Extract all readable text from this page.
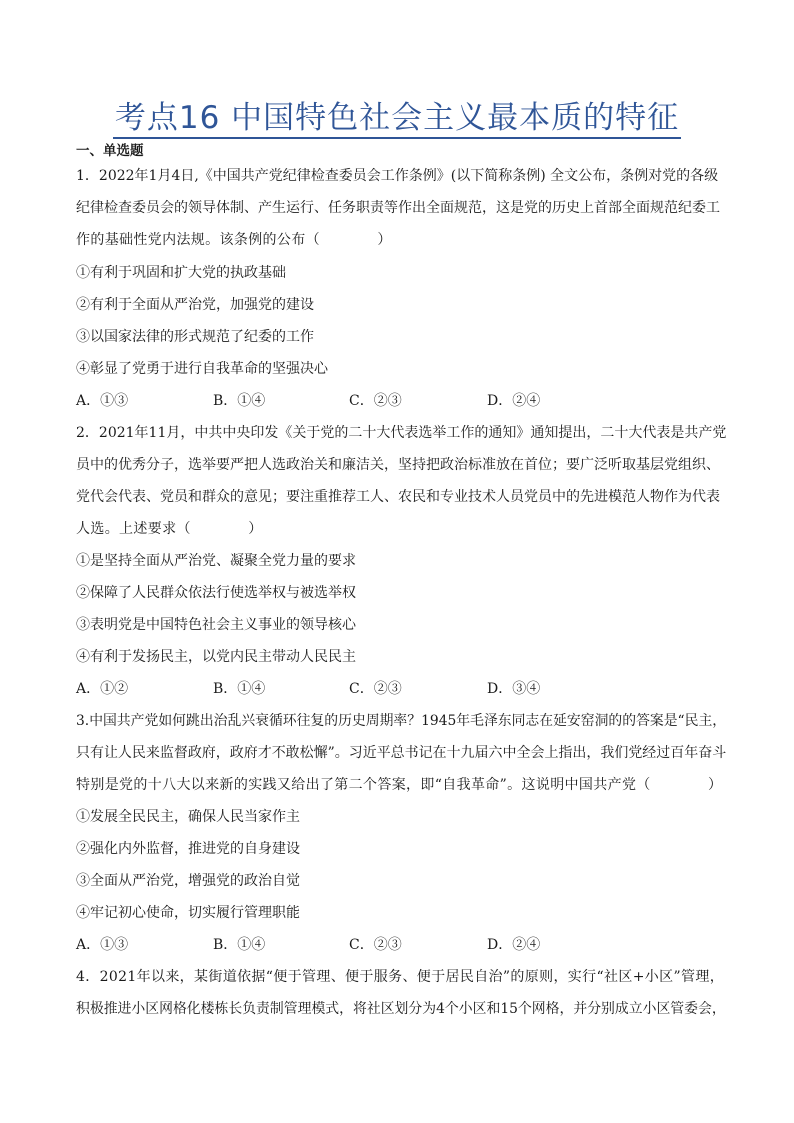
考点16 中国特色社会主义最本质的特征
一、单选题
1．2022年1月4日,《中国共产党纪律检查委员会工作条例》(以下简称条例) 全文公布，条例对党的各级
纪律检查委员会的领导体制、产生运行、任务职责等作出全面规范，这是党的历史上首部全面规范纪委工
作的基础性党内法规。该条例的公布（　　　　）
①有利于巩固和扩大党的执政基础
②有利于全面从严治党，加强党的建设
③以国家法律的形式规范了纪委的工作
④彰显了党勇于进行自我革命的坚强决心
A．①③	B．①④	C．②③	D．②④
2．2021年11月，中共中央印发《关于党的二十大代表选举工作的通知》通知提出，二十大代表是共产党
员中的优秀分子，选举要严把人选政治关和廉洁关，坚持把政治标准放在首位；要广泛听取基层党组织、
党代会代表、党员和群众的意见；要注重推荐工人、农民和专业技术人员党员中的先进模范人物作为代表
人选。上述要求（　　　　）
①是坚持全面从严治党、凝聚全党力量的要求
②保障了人民群众依法行使选举权与被选举权
③表明党是中国特色社会主义事业的领导核心
④有利于发扬民主，以党内民主带动人民民主
A．①②	B．①④	C．②③	D．③④
3.中国共产党如何跳出治乱兴衰循环往复的历史周期率？1945年毛泽东同志在延安窑洞的的答案是“民主，
只有让人民来监督政府，政府才不敢松懈”。习近平总书记在十九届六中全会上指出，我们党经过百年奋斗
特别是党的十八大以来新的实践又给出了第二个答案，即“自我革命”。这说明中国共产党（　　　　）
①发展全民民主，确保人民当家作主
②强化内外监督，推进党的自身建设
③全面从严治党，增强党的政治自觉
④牢记初心使命，切实履行管理职能
A．①③	B．①④	C．②③	D．②④
4．2021年以来，某街道依据“便于管理、便于服务、便于居民自治”的原则，实行“社区+小区”管理，
积极推进小区网格化楼栋长负责制管理模式，将社区划分为4个小区和15个网格，并分别成立小区管委会，
